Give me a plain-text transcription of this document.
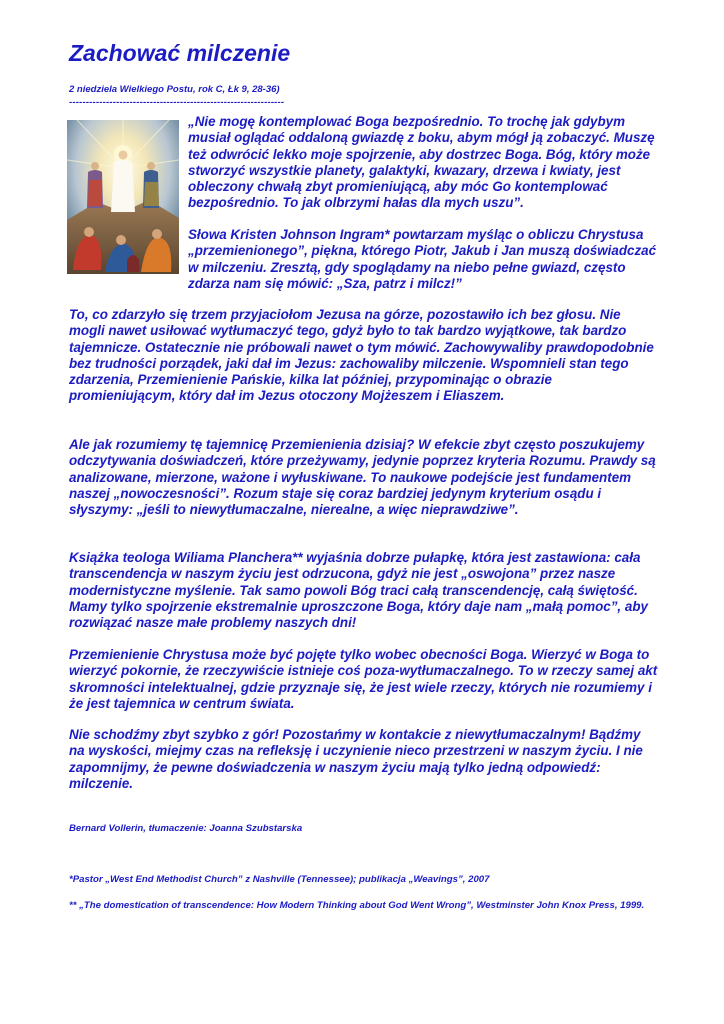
Zachować milczenie
2 niedziela Wielkiego Postu, rok C, Łk 9, 28-36)
----------------------------------------------------------------

„Nie mogę kontemplować Boga bezpośrednio. To trochę jak gdybym musiał oglądać oddaloną gwiazdę z boku, abym mógł ją zobaczyć. Muszę też odwrócić lekko moje spojrzenie, aby dostrzec Boga. Bóg, który może stworzyć wszystkie planety, galaktyki, kwazary, drzewa i kwiaty, jest obleczony chwałą zbyt promieniującą, aby móc Go kontemplować bezpośrednio. To jak olbrzymi hałas dla mych uszu”.

Słowa Kristen Johnson Ingram* powtarzam myśląc o obliczu Chrystusa „przemienionego”, piękna, którego Piotr, Jakub i Jan muszą doświadczać w milczeniu. Zresztą, gdy spoglądamy na niebo pełne gwiazd, często zdarza nam się mówić: „Sza, patrz i milcz!”

To, co zdarzyło się trzem przyjaciołom Jezusa na górze, pozostawiło ich bez głosu. Nie mogli nawet usiłować wytłumaczyć tego, gdyż było to tak bardzo wyjątkowe, tak bardzo tajemnicze. Ostatecznie nie próbowali nawet o tym mówić. Zachowywaliby prawdopodobnie bez trudności porządek, jaki dał im Jezus: zachowaliby milczenie. Wspomnieli stan tego zdarzenia, Przemienienie Pańskie, kilka lat później, przypominając o obrazie promieniującym, który dał im Jezus otoczony Mojżeszem i Eliaszem.

Ale jak rozumiemy tę tajemnicę Przemienienia dzisiaj? W efekcie zbyt często poszukujemy odczytywania doświadczeń, które przeżywamy, jedynie poprzez kryteria Rozumu. Prawdy są analizowane, mierzone, ważone i wyłuskiwane. To naukowe podejście jest fundamentem naszej „nowoczesności”. Rozum staje się coraz bardziej jedynym kryterium osądu i słyszymy: „jeśli to niewytłumaczalne, nierealne, a więc nieprawdziwe”.

Książka teologa Wiliama Planchera** wyjaśnia dobrze pułapkę, która jest zastawiona: cała transcendencja w naszym życiu jest odrzucona, gdyż nie jest „oswojona” przez nasze modernistyczne myślenie. Tak samo powoli Bóg traci całą transcendencję, całą świętość. Mamy tylko spojrzenie ekstremalnie uproszczone Boga, który daje nam „małą pomoc”, aby rozwiązać nasze małe problemy naszych dni!

Przemienienie Chrystusa może być pojęte tylko wobec obecności Boga. Wierzyć w Boga to wierzyć pokornie, że rzeczywiście istnieje coś poza-wytłumaczalnego. To w rzeczy samej akt skromności intelektualnej, gdzie przyznaje się, że jest wiele rzeczy, których nie rozumiemy i że jest tajemnica w centrum świata.

Nie schodźmy zbyt szybko z gór! Pozostańmy w kontakcie z niewytłumaczalnym! Bądźmy na wyskości, miejmy czas na refleksję i uczynienie nieco przestrzeni w naszym życiu. I nie zapomnijmy, że pewne doświadczenia w naszym życiu mają tylko jedną odpowiedź: milczenie.

Bernard Vollerin, tłumaczenie: Joanna Szubstarska

*Pastor „West End Methodist Church” z Nashville (Tennessee); publikacja „Weavings”, 2007

** „The domestication of transcendence: How Modern Thinking about God Went Wrong”, Westminster John Knox Press, 1999.
